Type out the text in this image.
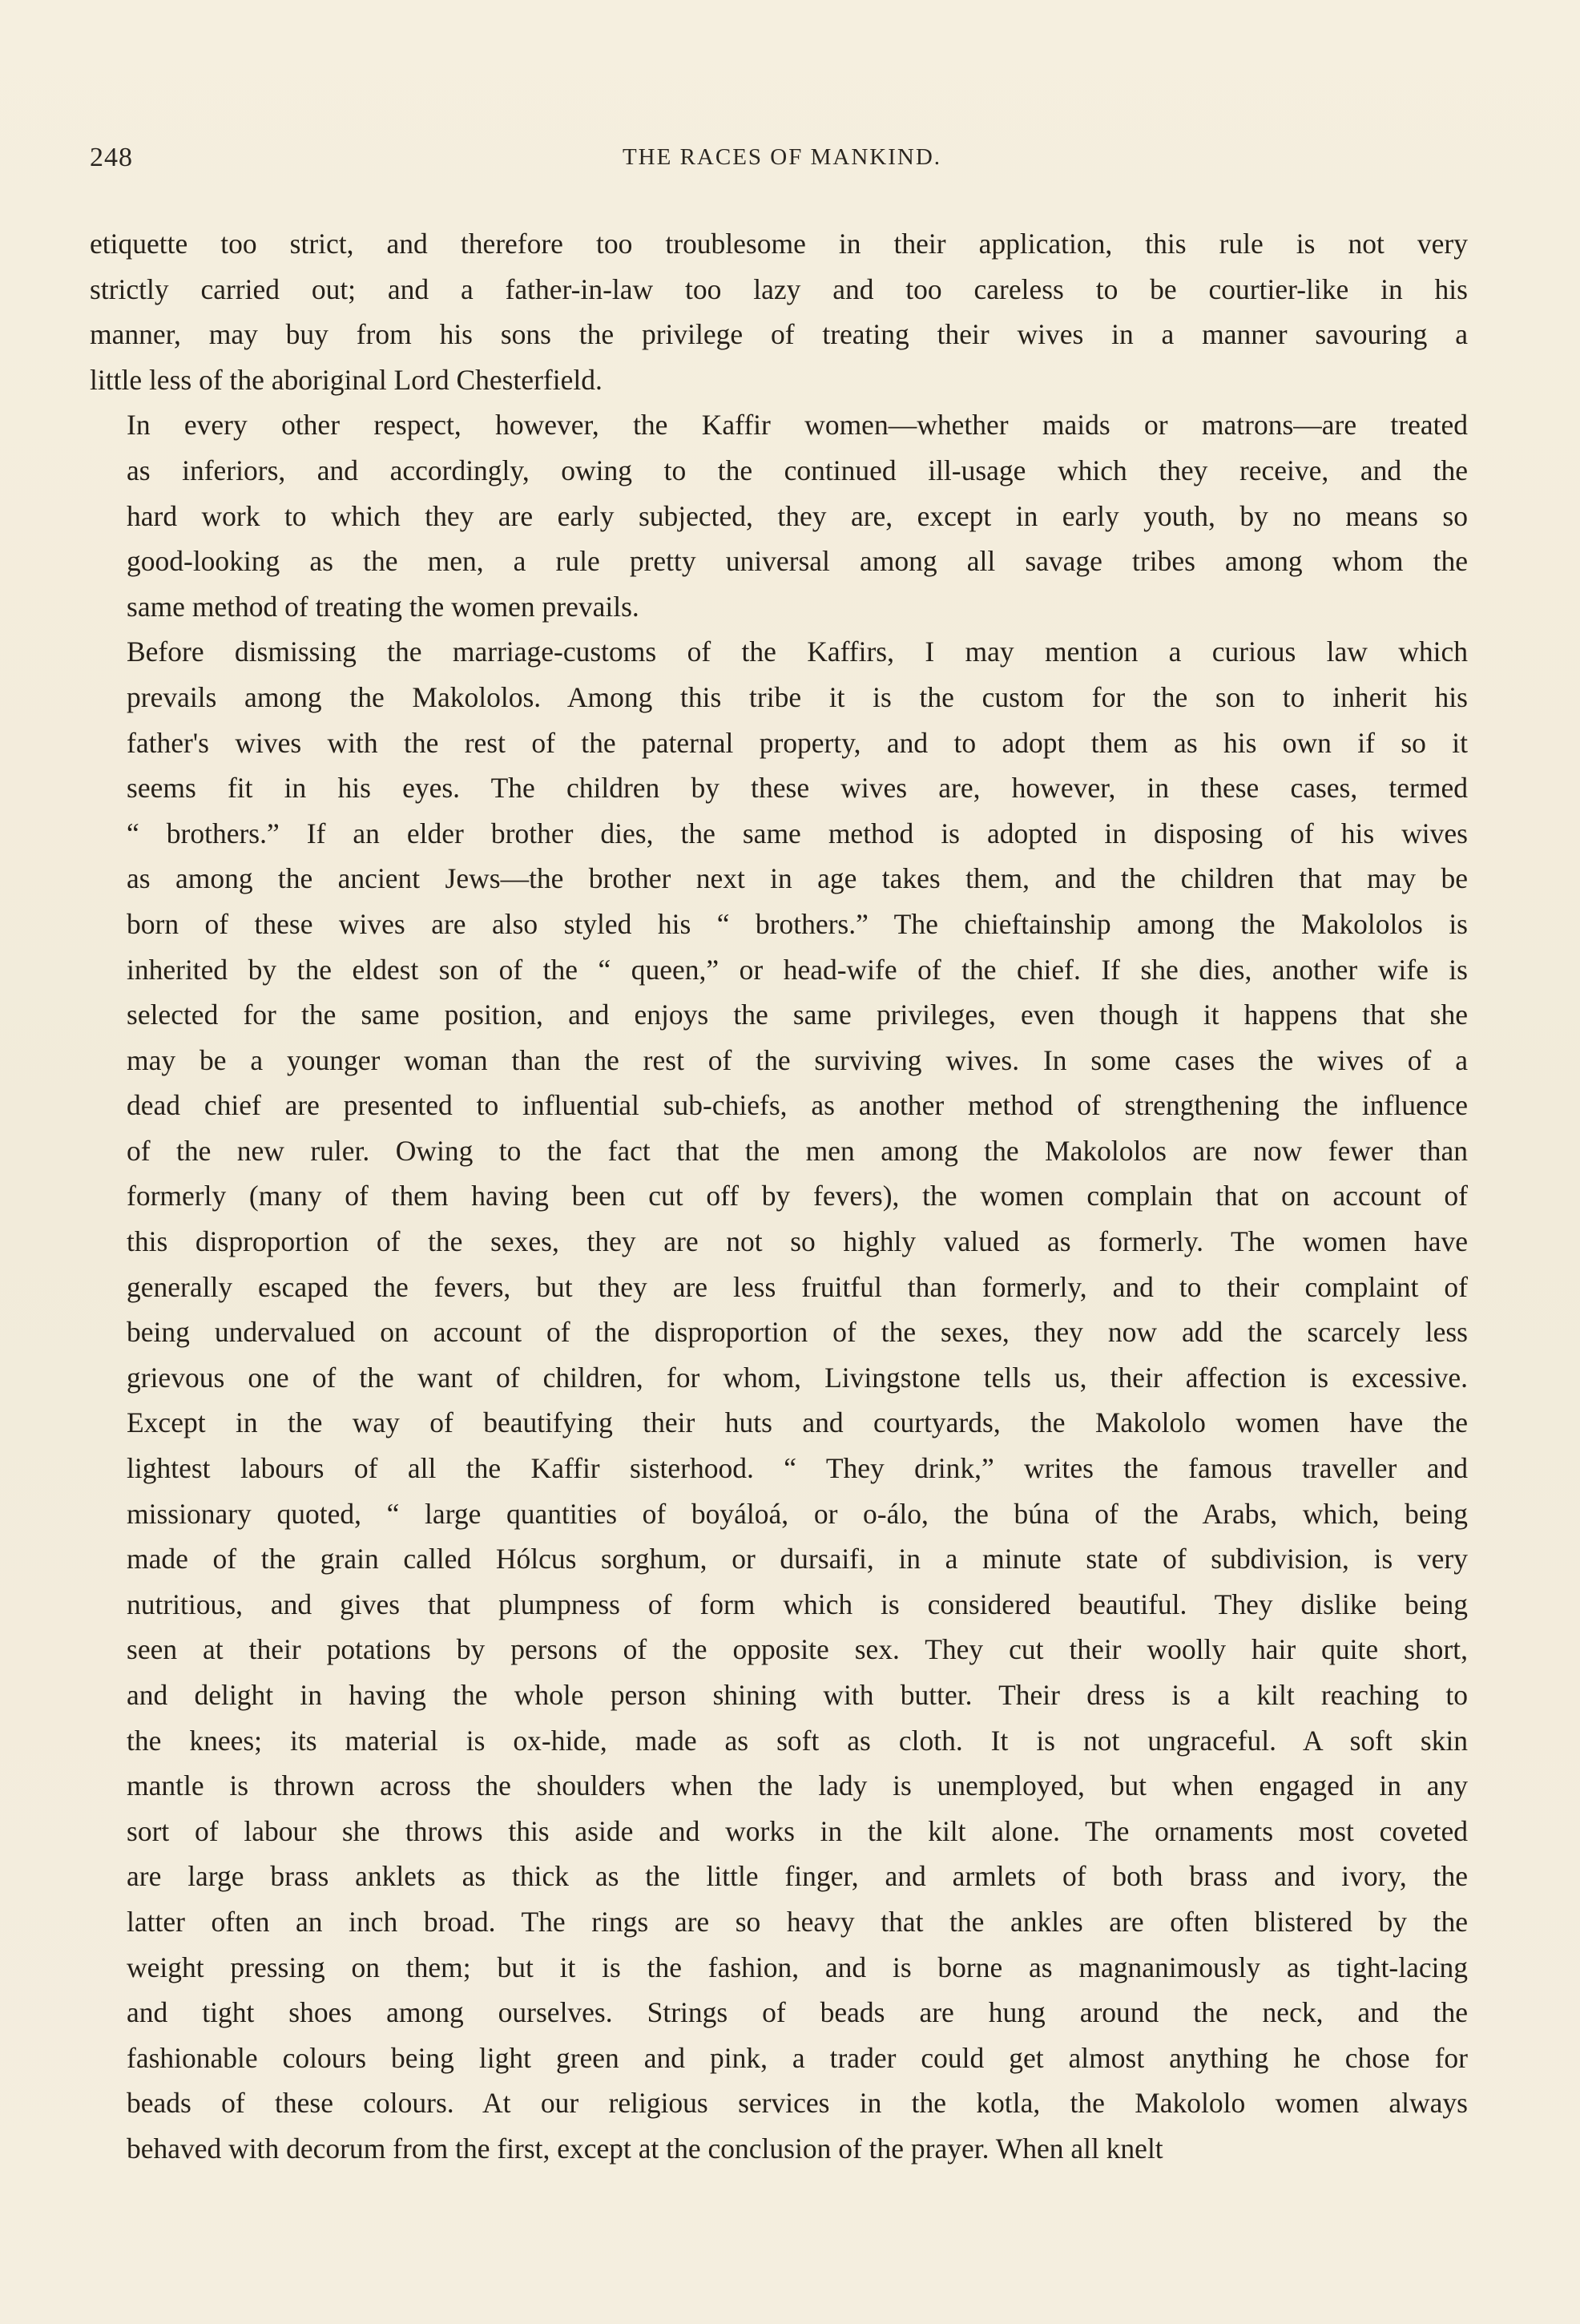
248	THE RACES OF MANKIND.
etiquette too strict, and therefore too troublesome in their application, this rule is not very
strictly carried out; and a father-in-law too lazy and too careless to be courtier-like in his
manner, may buy from his sons the privilege of treating their wives in a manner savouring a
little less of the aboriginal Lord Chesterfield.
In every other respect, however, the Kaffir women—whether maids or matrons—are treated
as inferiors, and accordingly, owing to the continued ill-usage which they receive, and the
hard work to which they are early subjected, they are, except in early youth, by no means so
good-looking as the men, a rule pretty universal among all savage tribes among whom the
same method of treating the women prevails.
Before dismissing the marriage-customs of the Kaffirs, I may mention a curious law which
prevails among the Makololos. Among this tribe it is the custom for the son to inherit his
father's wives with the rest of the paternal property, and to adopt them as his own if so it
seems fit in his eyes. The children by these wives are, however, in these cases, termed
“ brothers.” If an elder brother dies, the same method is adopted in disposing of his wives
as among the ancient Jews—the brother next in age takes them, and the children that may be
born of these wives are also styled his “ brothers.” The chieftainship among the Makololos is
inherited by the eldest son of the “ queen,” or head-wife of the chief. If she dies, another wife is
selected for the same position, and enjoys the same privileges, even though it happens that she
may be a younger woman than the rest of the surviving wives. In some cases the wives of a
dead chief are presented to influential sub-chiefs, as another method of strengthening the influence
of the new ruler. Owing to the fact that the men among the Makololos are now fewer than
formerly (many of them having been cut off by fevers), the women complain that on account of
this disproportion of the sexes, they are not so highly valued as formerly. The women have
generally escaped the fevers, but they are less fruitful than formerly, and to their complaint of
being undervalued on account of the disproportion of the sexes, they now add the scarcely less
grievous one of the want of children, for whom, Livingstone tells us, their affection is excessive.
Except in the way of beautifying their huts and courtyards, the Makololo women have the
lightest labours of all the Kaffir sisterhood. “ They drink,” writes the famous traveller and
missionary quoted, “ large quantities of boyáloá, or o-álo, the búna of the Arabs, which, being
made of the grain called Hólcus sorghum, or dursaifi, in a minute state of subdivision, is very
nutritious, and gives that plumpness of form which is considered beautiful. They dislike being
seen at their potations by persons of the opposite sex. They cut their woolly hair quite short,
and delight in having the whole person shining with butter. Their dress is a kilt reaching to
the knees; its material is ox-hide, made as soft as cloth. It is not ungraceful. A soft skin
mantle is thrown across the shoulders when the lady is unemployed, but when engaged in any
sort of labour she throws this aside and works in the kilt alone. The ornaments most coveted
are large brass anklets as thick as the little finger, and armlets of both brass and ivory, the
latter often an inch broad. The rings are so heavy that the ankles are often blistered by the
weight pressing on them; but it is the fashion, and is borne as magnanimously as tight-lacing
and tight shoes among ourselves. Strings of beads are hung around the neck, and the
fashionable colours being light green and pink, a trader could get almost anything he chose for
beads of these colours. At our religious services in the kotla, the Makololo women always
behaved with decorum from the first, except at the conclusion of the prayer. When all knelt
